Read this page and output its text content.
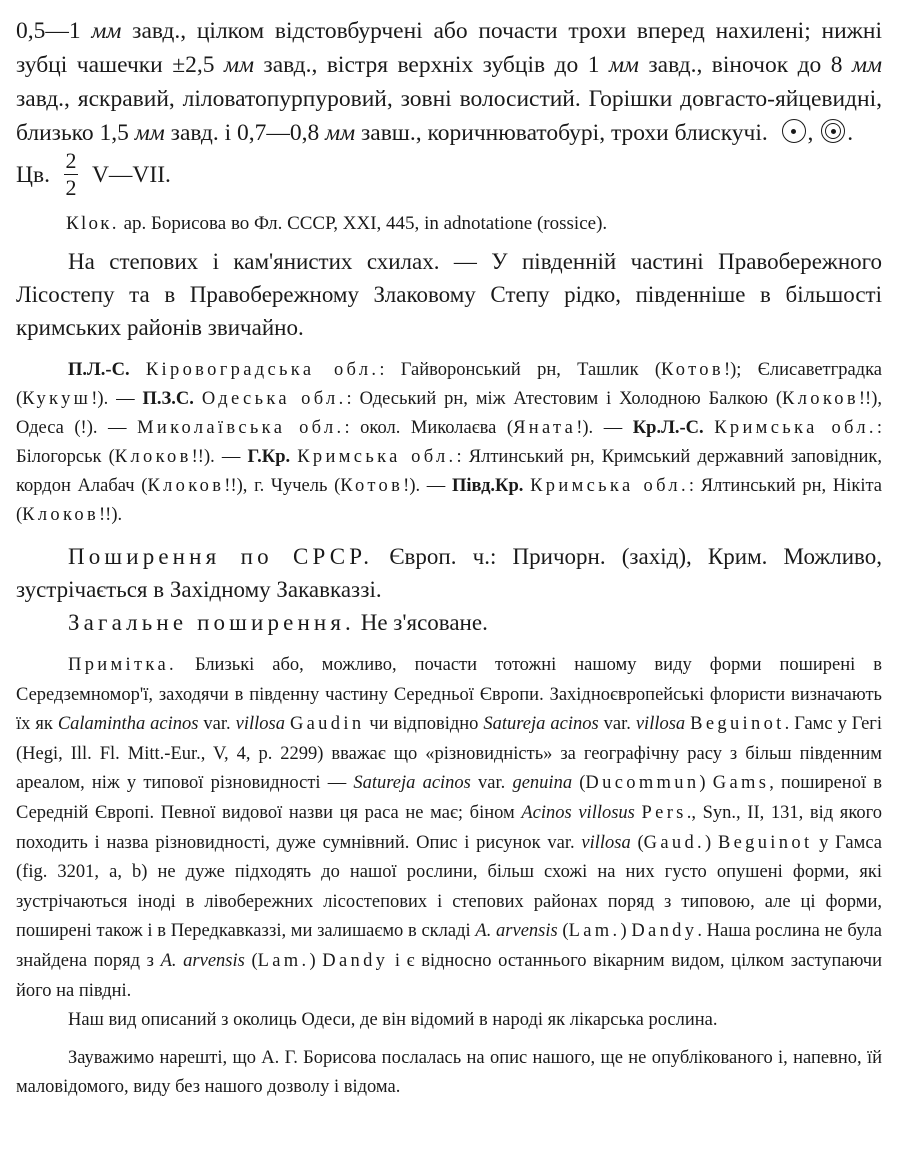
0,5—1 мм завд., цілком відстовбурчені або почасти трохи вперед нахилені; нижні зубці чашечки ±2,5 мм завд., вістря верхніх зубців до 1 мм завд., віночок до 8 мм завд., яскравий, ліловатопурпуровий, зовні волосистий. Горішки довгасто-яйцевидні, близько 1,5 мм завд. і 0,7—0,8 мм завш., коричнюватобурі, трохи блискучі. , .

Цв. $\frac{2}{2}$ V—VII.

Кlок. ар. Борисова во Фл. СССР, XXI, 445, in adnotatione (rossice).

На степових і кам'янистих схилах. — У південній частині Правобережного Лісостепу та в Правобережному Злаковому Степу рідко, південніше в більшості кримських районів звичайно.

П.Л.-С. Кіровоградська обл.: Гайворонський рн, Ташлик (Котов!); Єлисаветградка (Кукуш!). — П.З.С. Одеська обл.: Одеський рн, між Атестовим і Холодною Балкою (Клоков!!), Одеса (!). — Миколаївська обл.: окол. Миколаєва (Яната!). — Кр.Л.-С. Кримська обл.: Білогорськ (Клоков!!). — Г.Кр. Кримська обл.: Ялтинський рн, Кримський державний заповідник, кордон Алабач (Клоков!!), г. Чучель (Котов!). — Півд.Кр. Кримська обл.: Ялтинський рн, Нікіта (Клоков!!).

Поширення по СРСР. Європ. ч.: Причорн. (захід), Крим. Можливо, зустрічається в Західному Закавказзі.

Загальне поширення. Не з'ясоване.

Примітка. Близькі або, можливо, почасти тотожні нашому виду форми поширені в Середземномор'ї, заходячи в південну частину Середньої Європи. Західноєвропейські флористи визначають їх як Calamintha acinos var. villosa Gaudin чи відповідно Satureja acinos var. villosa Beguinot. Гамс у Гегі (Hegi, Ill. Fl. Mitt.-Eur., V, 4, p. 2299) вважає що «різновидність» за географічну расу з більш південним ареалом, ніж у типової різновидності — Satureja acinos var. genuina (Ducommun) Gams, поширеної в Середній Європі. Певної видової назви ця раса не має; біном Acinos villosus Pers., Syn., II, 131, від якого походить і назва різновидності, дуже сумнівний. Опис і рисунок var. villosa (Gaud.) Beguinot у Гамса (fig. 3201, a, b) не дуже підходять до нашої рослини, більш схожі на них густо опушені форми, які зустрічаються іноді в лівобережних лісостепових і степових районах поряд з типовою, але ці форми, поширені також і в Передкавказзі, ми залишаємо в складі A. arvensis (Lam.) Dandy. Наша рослина не була знайдена поряд з A. arvensis (Lam.) Dandy і є відносно останнього вікарним видом, цілком заступаючи його на півдні.

Наш вид описаний з околиць Одеси, де він відомий в народі як лікарська рослина.

Зауважимо нарешті, що А. Г. Борисова послалась на опис нашого, ще не опублікованого і, напевно, їй маловідомого, виду без нашого дозволу і відома.
